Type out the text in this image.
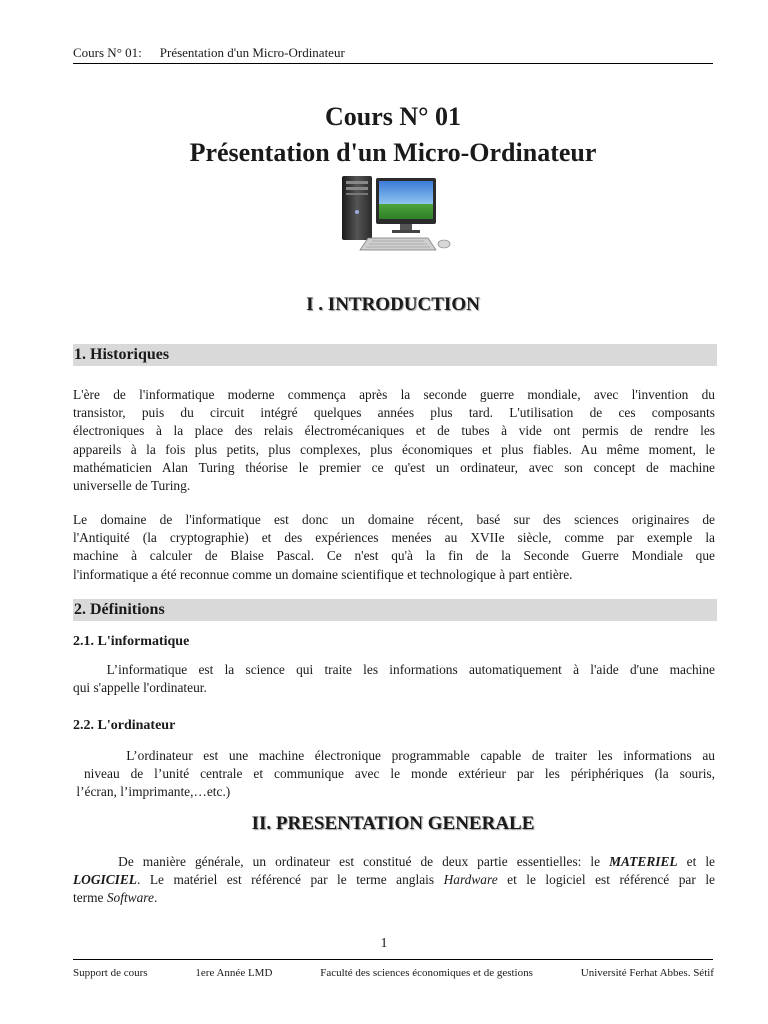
Cours N° 01: Présentation d'un Micro-Ordinateur
Cours N° 01
Présentation d'un Micro-Ordinateur
I . INTRODUCTION
1. Historiques

L'ère de l'informatique moderne commença après la seconde guerre mondiale, avec l'invention du
transistor, puis du circuit intégré quelques années plus tard. L'utilisation de ces composants
électroniques à la place des relais électromécaniques et de tubes à vide ont permis de rendre les
appareils à la fois plus petits, plus complexes, plus économiques et plus fiables. Au même moment, le
mathématicien Alan Turing théorise le premier ce qu'est un ordinateur, avec son concept de machine
universelle de Turing.

Le domaine de l'informatique est donc un domaine récent, basé sur des sciences originaires de
l'Antiquité (la cryptographie) et des expériences menées au XVIIe siècle, comme par exemple la
machine à calculer de Blaise Pascal. Ce n'est qu'à la fin de la Seconde Guerre Mondiale que
l'informatique a été reconnue comme un domaine scientifique et technologique à part entière.

2. Définitions
2.1. L'informatique

L’informatique est la science qui traite les informations automatiquement à l'aide d'une machine
qui s'appelle l'ordinateur.

2.2. L'ordinateur

L’ordinateur est une machine électronique programmable capable de traiter les informations au
niveau de l’unité centrale et communique avec le monde extérieur par les périphériques (la souris,
l’écran, l’imprimante,…etc.)

II. PRESENTATION GENERALE

De manière générale, un ordinateur est constitué de deux partie essentielles: le MATERIEL et le
LOGICIEL. Le matériel est référencé par le terme anglais Hardware et le logiciel est référencé par le
terme Software.

1
Support de cours	1ere Année LMD	Faculté des sciences économiques et de gestions	Université Ferhat Abbes. Sétif
